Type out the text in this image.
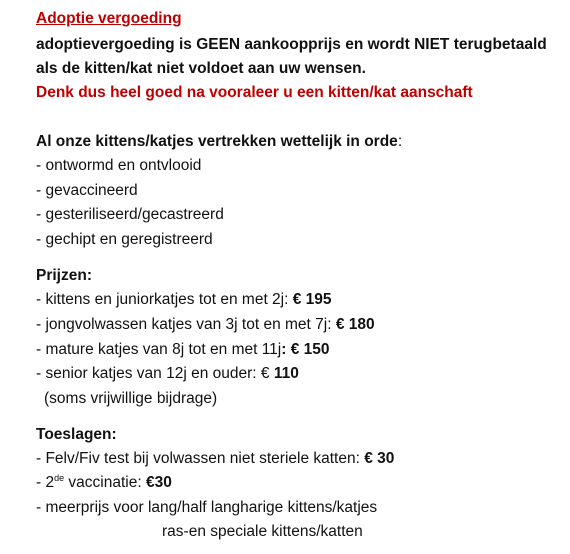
Adoptie vergoeding
adoptievergoeding is GEEN aankoopprijs en wordt NIET terugbetaald
als de kitten/kat niet voldoet aan uw wensen.
Denk dus heel goed na vooraleer u een kitten/kat aanschaft
Al onze kittens/katjes vertrekken wettelijk in orde:
- ontwormd en ontvlooid
- gevaccineerd
- gesteriliseerd/gecastreerd
- gechipt en geregistreerd
Prijzen:
- kittens en juniorkatjes tot en met 2j: € 195
- jongvolwassen katjes van 3j tot en met 7j: € 180
- mature katjes van 8j tot en met 11j: € 150
- senior katjes van 12j en ouder: € 110
(soms vrijwillige bijdrage)
Toeslagen:
- Felv/Fiv test bij volwassen niet steriele katten: € 30
- 2de vaccinatie: €30
- meerprijs voor lang/half langharige kittens/katjes
ras-en speciale kittens/katten
